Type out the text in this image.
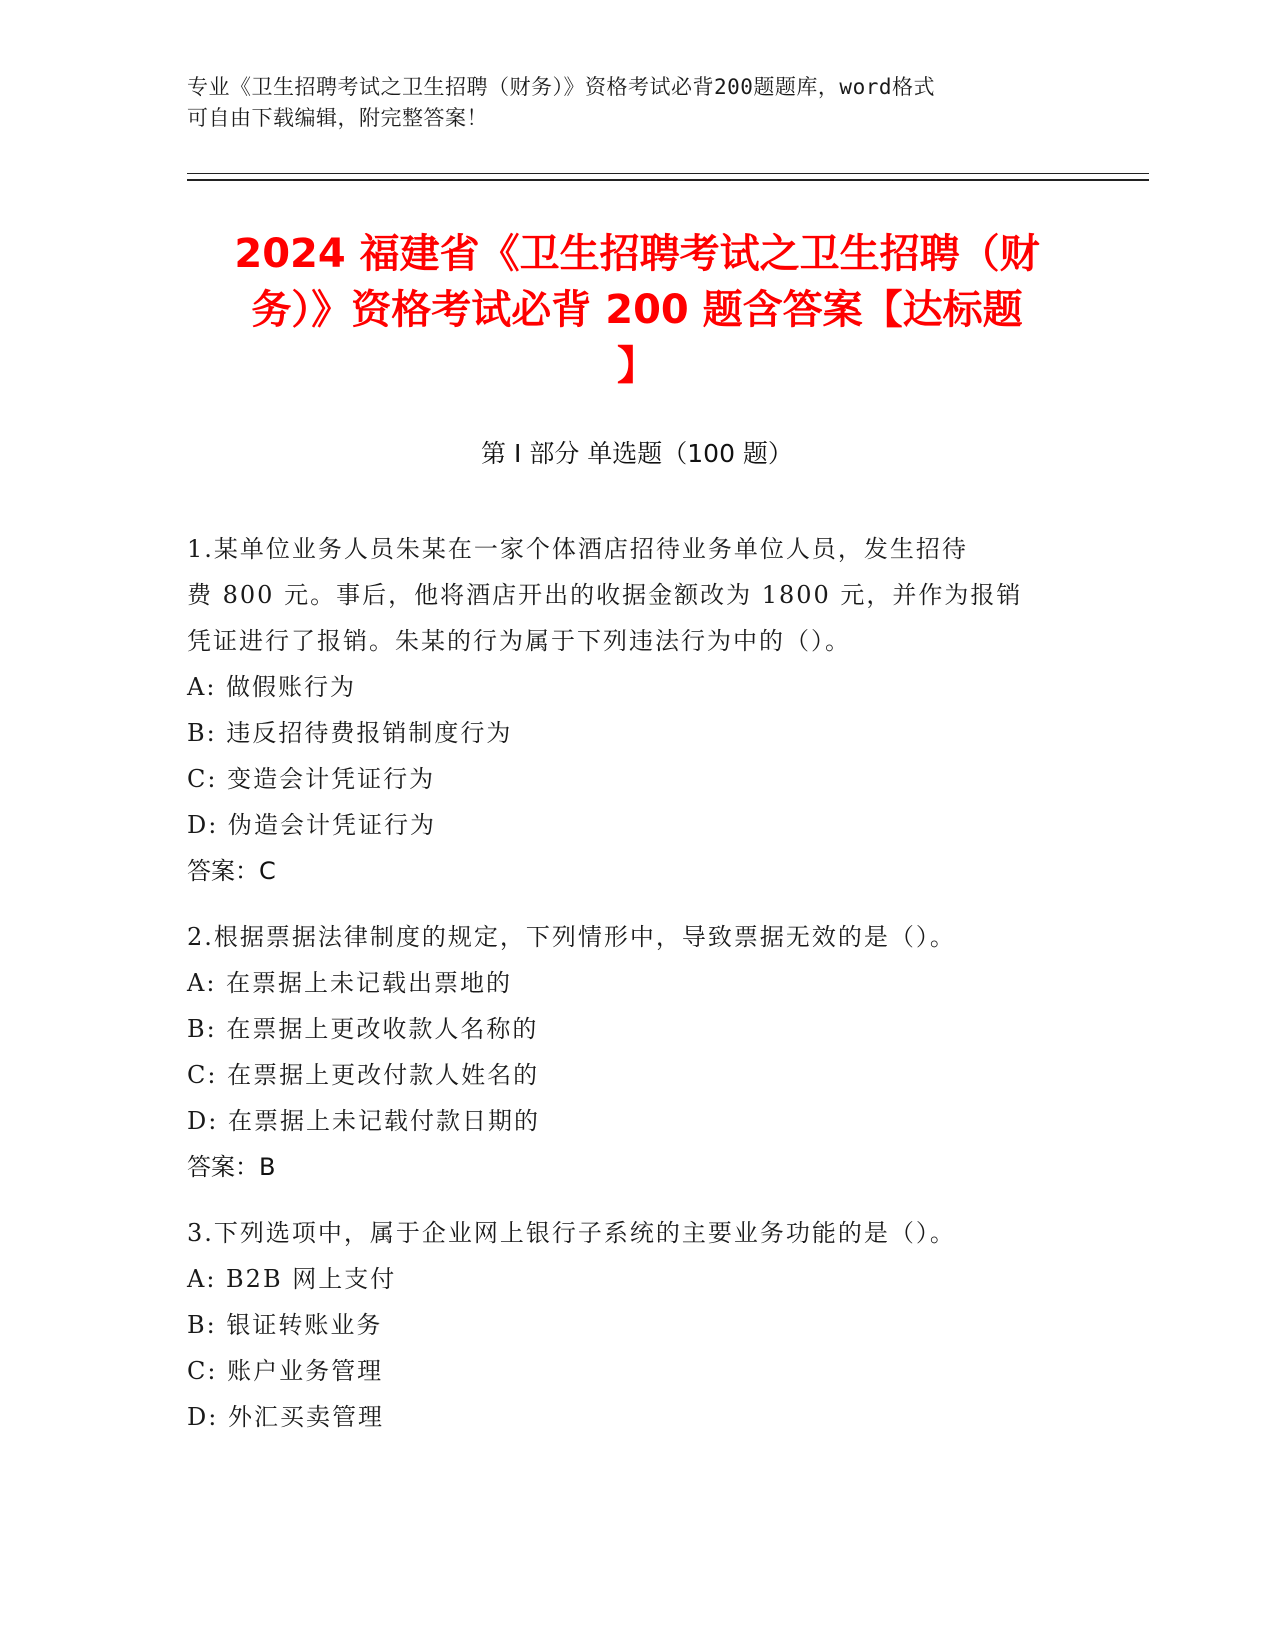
专业《卫生招聘考试之卫生招聘（财务）》资格考试必背200题题库，word格式
可自由下载编辑，附完整答案！
2024 福建省《卫生招聘考试之卫生招聘（财
务）》资格考试必背 200 题含答案【达标题
】
第 I 部分 单选题（100 题）
1.某单位业务人员朱某在一家个体酒店招待业务单位人员，发生招待
费 800 元。事后，他将酒店开出的收据金额改为 1800 元，并作为报销
凭证进行了报销。朱某的行为属于下列违法行为中的（）。
A: 做假账行为
B: 违反招待费报销制度行为
C: 变造会计凭证行为
D: 伪造会计凭证行为
答案：C
2.根据票据法律制度的规定，下列情形中，导致票据无效的是（）。
A: 在票据上未记载出票地的
B: 在票据上更改收款人名称的
C: 在票据上更改付款人姓名的
D: 在票据上未记载付款日期的
答案：B
3.下列选项中，属于企业网上银行子系统的主要业务功能的是（）。
A: B2B 网上支付
B: 银证转账业务
C: 账户业务管理
D: 外汇买卖管理
